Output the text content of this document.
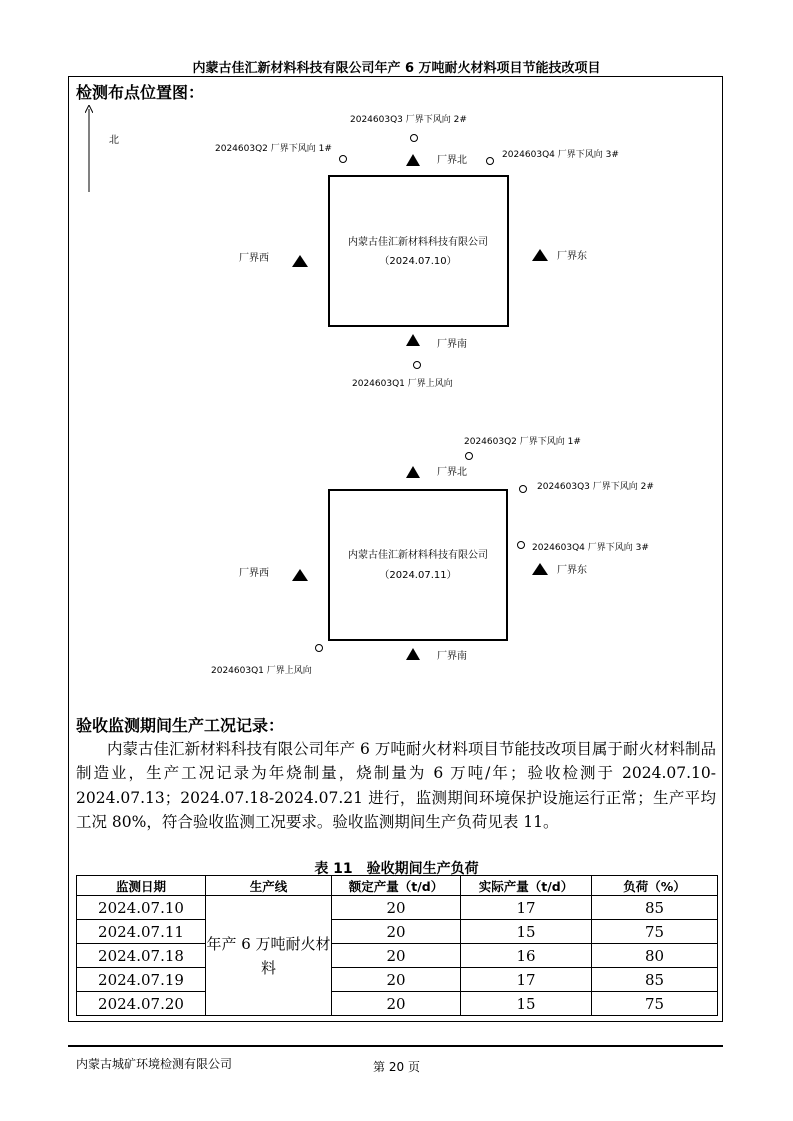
内蒙古佳汇新材料科技有限公司年产 6 万吨耐火材料项目节能技改项目
检测布点位置图：
北
内蒙古佳汇新材料科技有限公司
（2024.07.10）
厂界北
厂界东
厂界西
厂界南
2024603Q3 厂界下风向 2#
2024603Q2 厂界下风向 1#
2024603Q4 厂界下风向 3#
2024603Q1 厂界上风向
内蒙古佳汇新材料科技有限公司
（2024.07.11）
厂界北
厂界东
厂界西
厂界南
2024603Q2 厂界下风向 1#
2024603Q3 厂界下风向 2#
2024603Q4 厂界下风向 3#
2024603Q1 厂界上风向
验收监测期间生产工况记录：
内蒙古佳汇新材料科技有限公司年产 6 万吨耐火材料项目节能技改项目属于耐火材料制品制造业，生产工况记录为年烧制量，烧制量为 6 万吨/年；验收检测于 2024.07.10-2024.07.13；2024.07.18-2024.07.21 进行，监测期间环境保护设施运行正常；生产平均工况 80%，符合验收监测工况要求。验收监测期间生产负荷见表 11。
表 11　验收期间生产负荷
监测日期	生产线	额定产量（t/d）	实际产量（t/d）	负荷（%）
2024.07.10	年产 6 万吨耐火材料	20	17	85
2024.07.11		20	15	75
2024.07.18		20	16	80
2024.07.19		20	17	85
2024.07.20		20	15	75
内蒙古城矿环境检测有限公司	第 20 页
